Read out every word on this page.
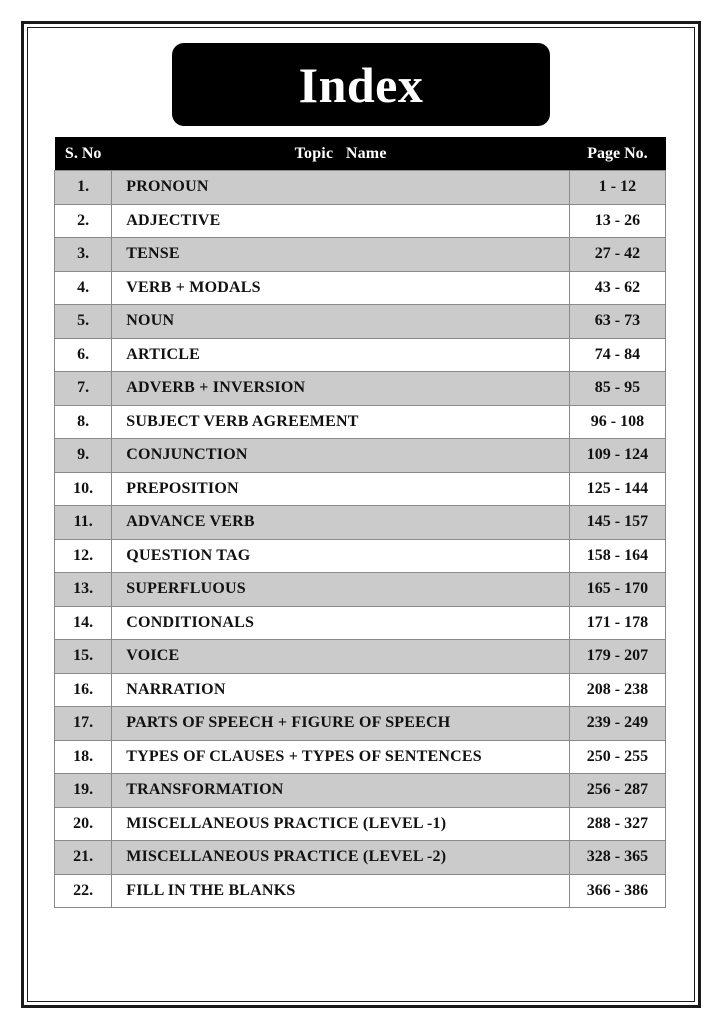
Index
S. No	Topic   Name	Page No.
1.	PRONOUN	1 - 12
2.	ADJECTIVE	13 - 26
3.	TENSE	27 - 42
4.	VERB + MODALS	43 - 62
5.	NOUN	63 - 73
6.	ARTICLE	74 - 84
7.	ADVERB + INVERSION	85 - 95
8.	SUBJECT VERB AGREEMENT	96 - 108
9.	CONJUNCTION	109 - 124
10.	PREPOSITION	125 - 144
11.	ADVANCE VERB	145 - 157
12.	QUESTION TAG	158 - 164
13.	SUPERFLUOUS	165 - 170
14.	CONDITIONALS	171 - 178
15.	VOICE	179 - 207
16.	NARRATION	208 - 238
17.	PARTS OF SPEECH + FIGURE OF SPEECH	239 - 249
18.	TYPES OF CLAUSES + TYPES OF SENTENCES	250 - 255
19.	TRANSFORMATION	256 - 287
20.	MISCELLANEOUS PRACTICE (LEVEL -1)	288 - 327
21.	MISCELLANEOUS PRACTICE (LEVEL -2)	328 - 365
22.	FILL IN THE BLANKS	366 - 386
